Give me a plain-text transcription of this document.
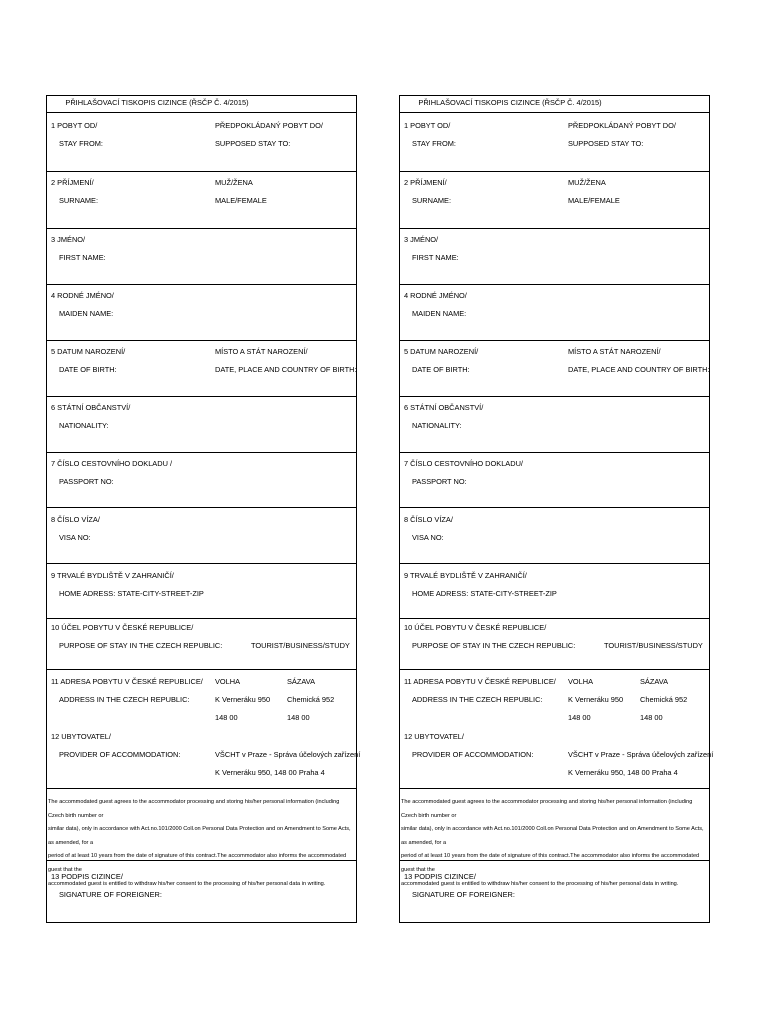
PŘIHLAŠOVACÍ TISKOPIS CIZINCE (ŘSČP Č. 4/2015)
1 POBYT OD/
STAY FROM:
PŘEDPOKLÁDANÝ POBYT DO/
SUPPOSED STAY TO:
2 PŘÍJMENÍ/
SURNAME:
MUŽ/ŽENA
MALE/FEMALE
3 JMÉNO/
FIRST NAME:
4 RODNÉ JMÉNO/
MAIDEN NAME:
5 DATUM NAROZENÍ/
DATE OF BIRTH:
MÍSTO A STÁT NAROZENÍ/
DATE, PLACE AND COUNTRY OF BIRTH:
6 STÁTNÍ OBČANSTVÍ/
NATIONALITY:
7 ČÍSLO CESTOVNÍHO DOKLADU /
PASSPORT NO:
8 ČÍSLO VÍZA/
VISA NO:
9 TRVALÉ BYDLIŠTĚ V ZAHRANIČÍ/
HOME ADRESS: STATE-CITY-STREET-ZIP
10 ÚČEL POBYTU V ČESKÉ REPUBLICE/
PURPOSE OF STAY IN THE CZECH REPUBLIC:	TOURIST/BUSINESS/STUDY
11 ADRESA POBYTU V ČESKÉ REPUBLICE/
ADDRESS IN THE CZECH REPUBLIC:
VOLHA
K Verneráku 950
148 00
SÁZAVA
Chemická 952
148 00
12 UBYTOVATEL/
PROVIDER OF ACCOMMODATION:	VŠCHT v Praze - Správa účelových zařízení
K Verneráku 950, 148 00 Praha 4

The accommodated guest agrees to the accommodator processing and storing his/her personal information (including Czech birth number or

similar data), only in accordance with Act.no.101/2000 Coll.on Personal Data Protection and on Amendment to Some Acts, as amended, for a

period of at least 10 years from the date of signature of this contract.The accommodator also informs the accommodated guest that the

accommodated guest is entitled to withdraw his/her consent to the processing of his/her personal data in writing.

13 PODPIS CIZINCE/
SIGNATURE OF FOREIGNER:
PŘIHLAŠOVACÍ TISKOPIS CIZINCE (ŘSČP Č. 4/2015)
1 POBYT OD/
STAY FROM:
PŘEDPOKLÁDANÝ POBYT DO/
SUPPOSED STAY TO:
2 PŘÍJMENÍ/
SURNAME:
MUŽ/ŽENA
MALE/FEMALE
3 JMÉNO/
FIRST NAME:
4 RODNÉ JMÉNO/
MAIDEN NAME:
5 DATUM NAROZENÍ/
DATE OF BIRTH:
MÍSTO A STÁT NAROZENÍ/
DATE, PLACE AND COUNTRY OF BIRTH:
6 STÁTNÍ OBČANSTVÍ/
NATIONALITY:
7 ČÍSLO CESTOVNÍHO DOKLADU/
PASSPORT NO:
8 ČÍSLO VÍZA/
VISA NO:
9 TRVALÉ BYDLIŠTĚ V ZAHRANIČÍ/
HOME ADRESS: STATE-CITY-STREET-ZIP
10 ÚČEL POBYTU V ČESKÉ REPUBLICE/
PURPOSE OF STAY IN THE CZECH REPUBLIC:	TOURIST/BUSINESS/STUDY
11 ADRESA POBYTU V ČESKÉ REPUBLICE/
ADDRESS IN THE CZECH REPUBLIC:
VOLHA
K Verneráku 950
148 00
SÁZAVA
Chemická 952
148 00
12 UBYTOVATEL/
PROVIDER OF ACCOMMODATION:	VŠCHT v Praze - Správa účelových zařízení
K Verneráku 950, 148 00 Praha 4

The accommodated guest agrees to the accommodator processing and storing his/her personal information (including Czech birth number or

similar data), only in accordance with Act.no.101/2000 Coll.on Personal Data Protection and on Amendment to Some Acts, as amended, for a

period of at least 10 years from the date of signature of this contract.The accommodator also informs the accommodated guest that the

accommodated guest is entitled to withdraw his/her consent to the processing of his/her personal data in writing.

13 PODPIS CIZINCE/
SIGNATURE OF FOREIGNER:
